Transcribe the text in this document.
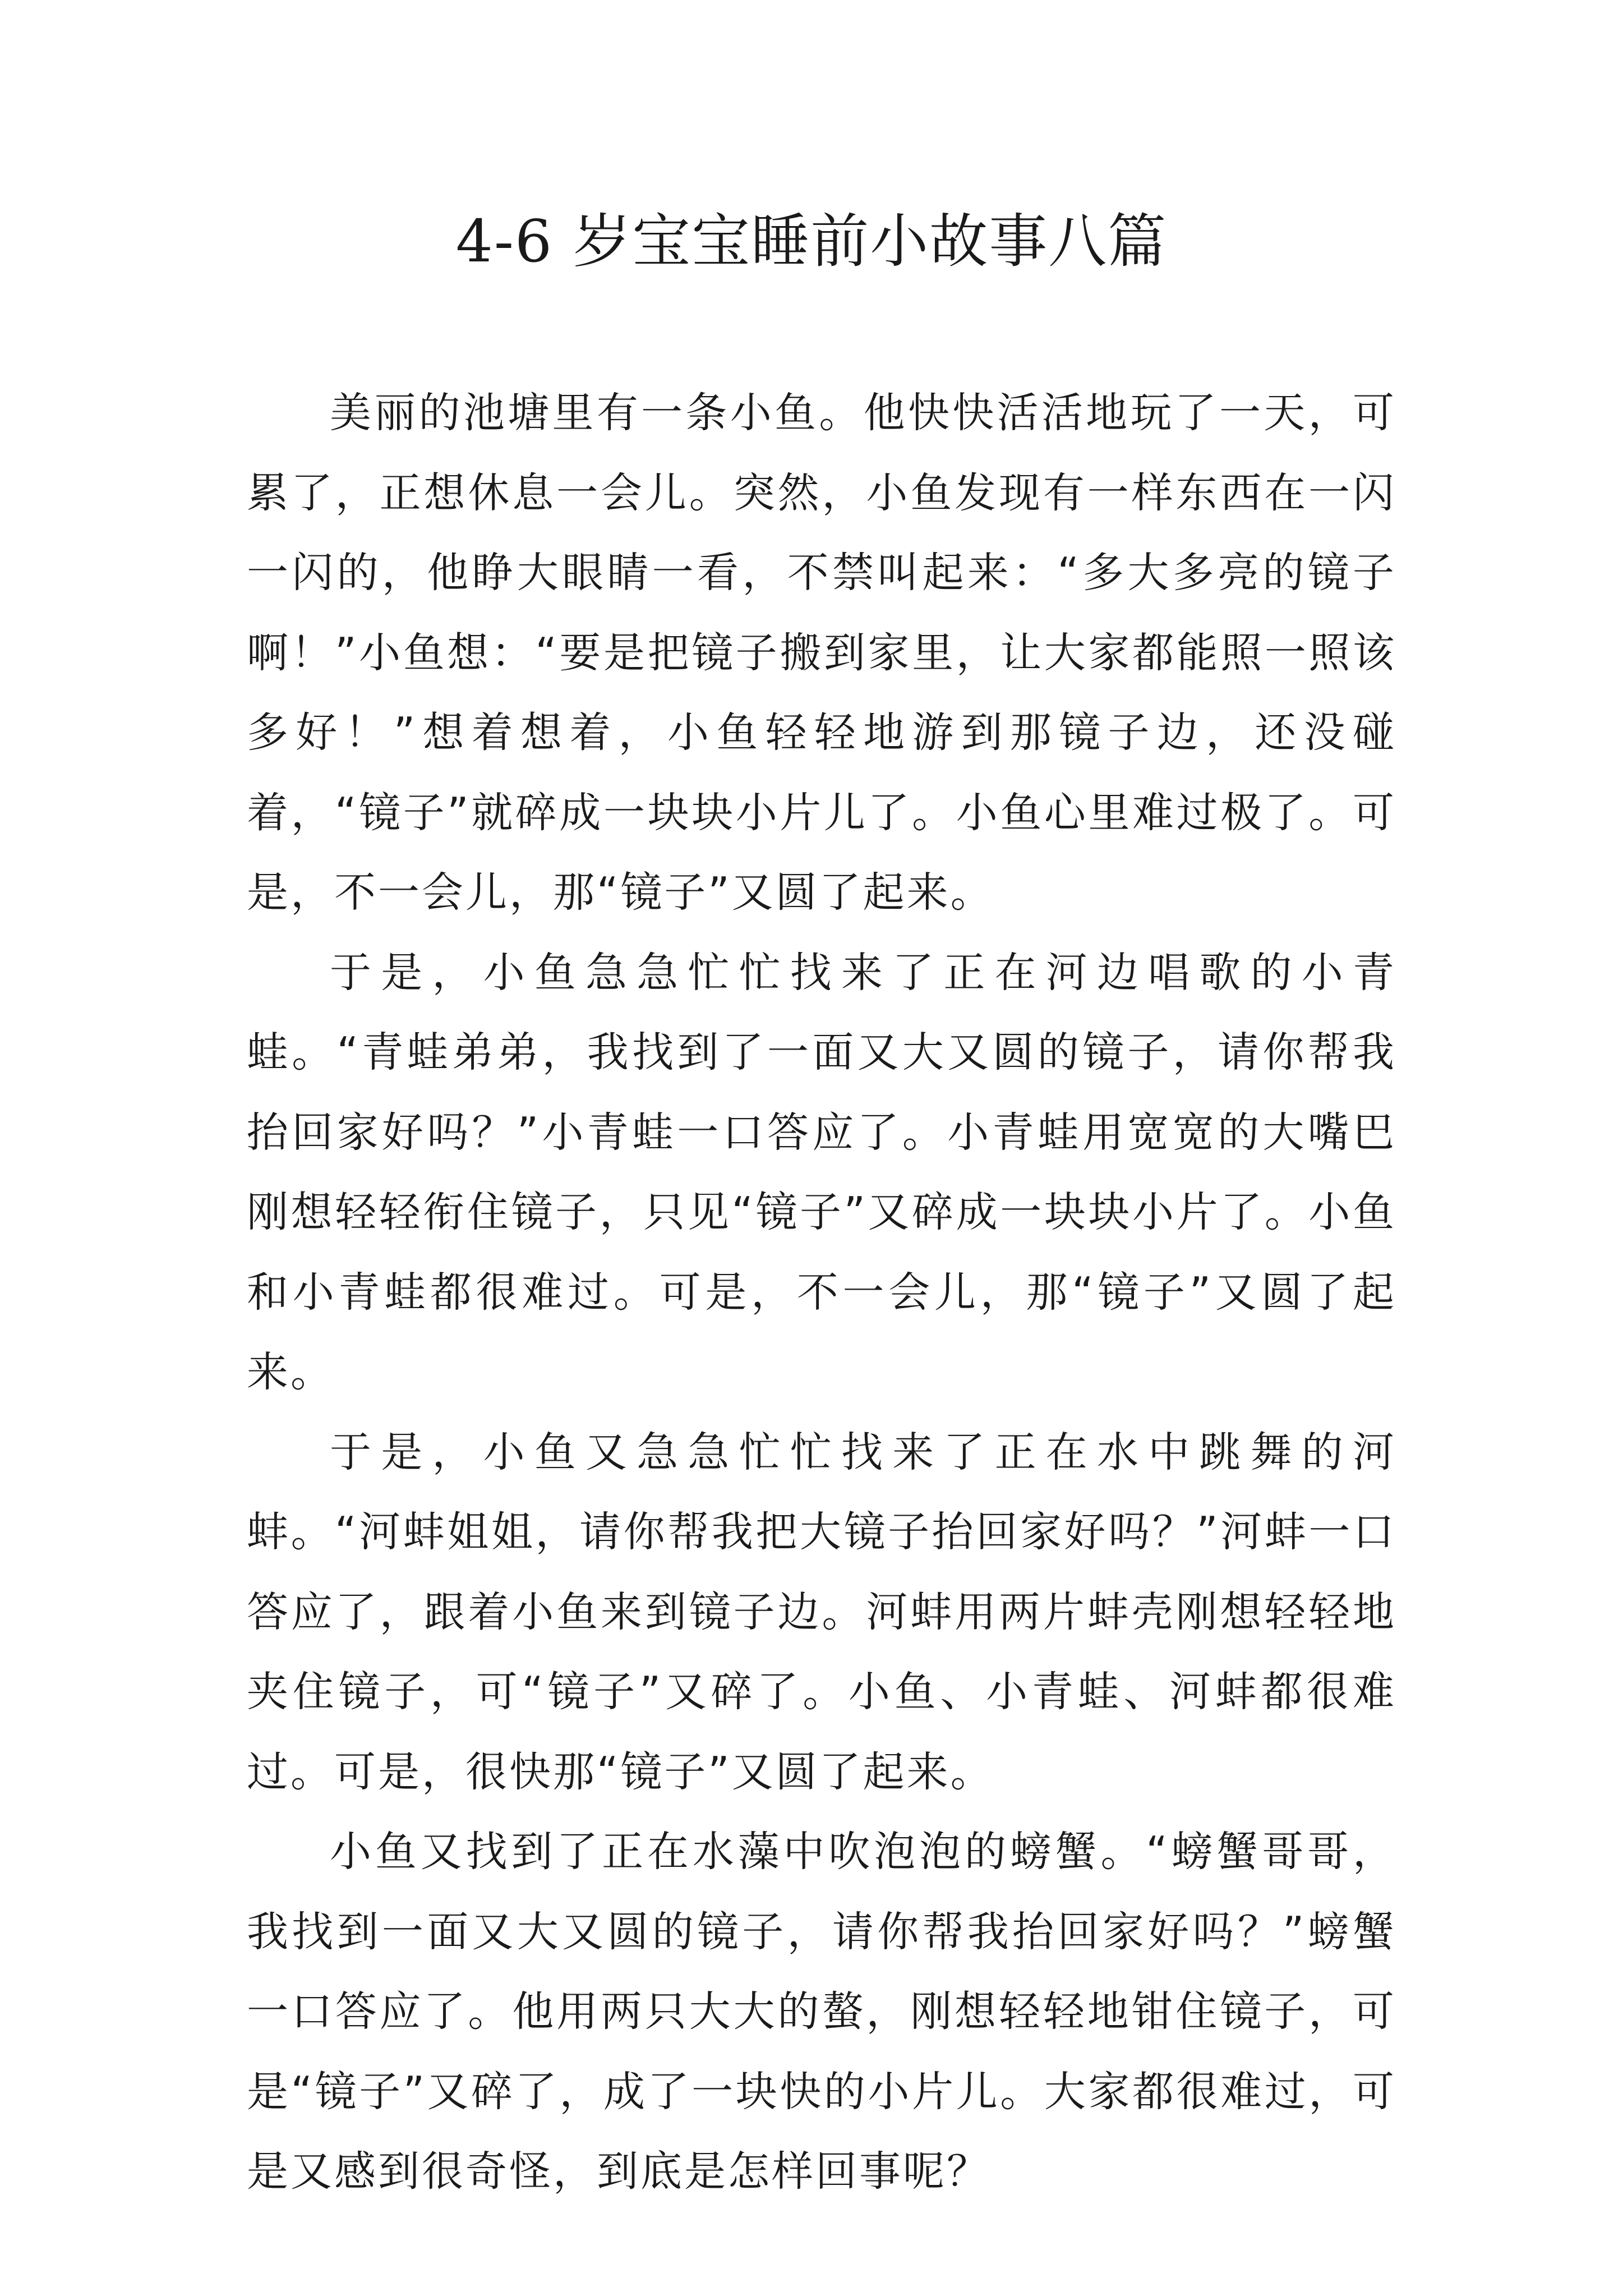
4-6 岁宝宝睡前小故事八篇

美丽的池塘里有一条小鱼。他快快活活地玩了一天，可累了，正想休息一会儿。突然，小鱼发现有一样东西在一闪一闪的，他睁大眼睛一看，不禁叫起来：“多大多亮的镜子啊！”小鱼想：“要是把镜子搬到家里，让大家都能照一照该多好！”想着想着，小鱼轻轻地游到那镜子边，还没碰着，“镜子”就碎成一块块小片儿了。小鱼心里难过极了。可是，不一会儿，那“镜子”又圆了起来。

于是，小鱼急急忙忙找来了正在河边唱歌的小青蛙。“青蛙弟弟，我找到了一面又大又圆的镜子，请你帮我抬回家好吗？”小青蛙一口答应了。小青蛙用宽宽的大嘴巴刚想轻轻衔住镜子，只见“镜子”又碎成一块块小片了。小鱼和小青蛙都很难过。可是，不一会儿，那“镜子”又圆了起来。

于是，小鱼又急急忙忙找来了正在水中跳舞的河蚌。“河蚌姐姐，请你帮我把大镜子抬回家好吗？”河蚌一口答应了，跟着小鱼来到镜子边。河蚌用两片蚌壳刚想轻轻地夹住镜子，可“镜子”又碎了。小鱼、小青蛙、河蚌都很难过。可是，很快那“镜子”又圆了起来。

小鱼又找到了正在水藻中吹泡泡的螃蟹。“螃蟹哥哥，我找到一面又大又圆的镜子，请你帮我抬回家好吗？”螃蟹一口答应了。他用两只大大的螯，刚想轻轻地钳住镜子，可是“镜子”又碎了，成了一块快的小片儿。大家都很难过，可是又感到很奇怪，到底是怎样回事呢？
